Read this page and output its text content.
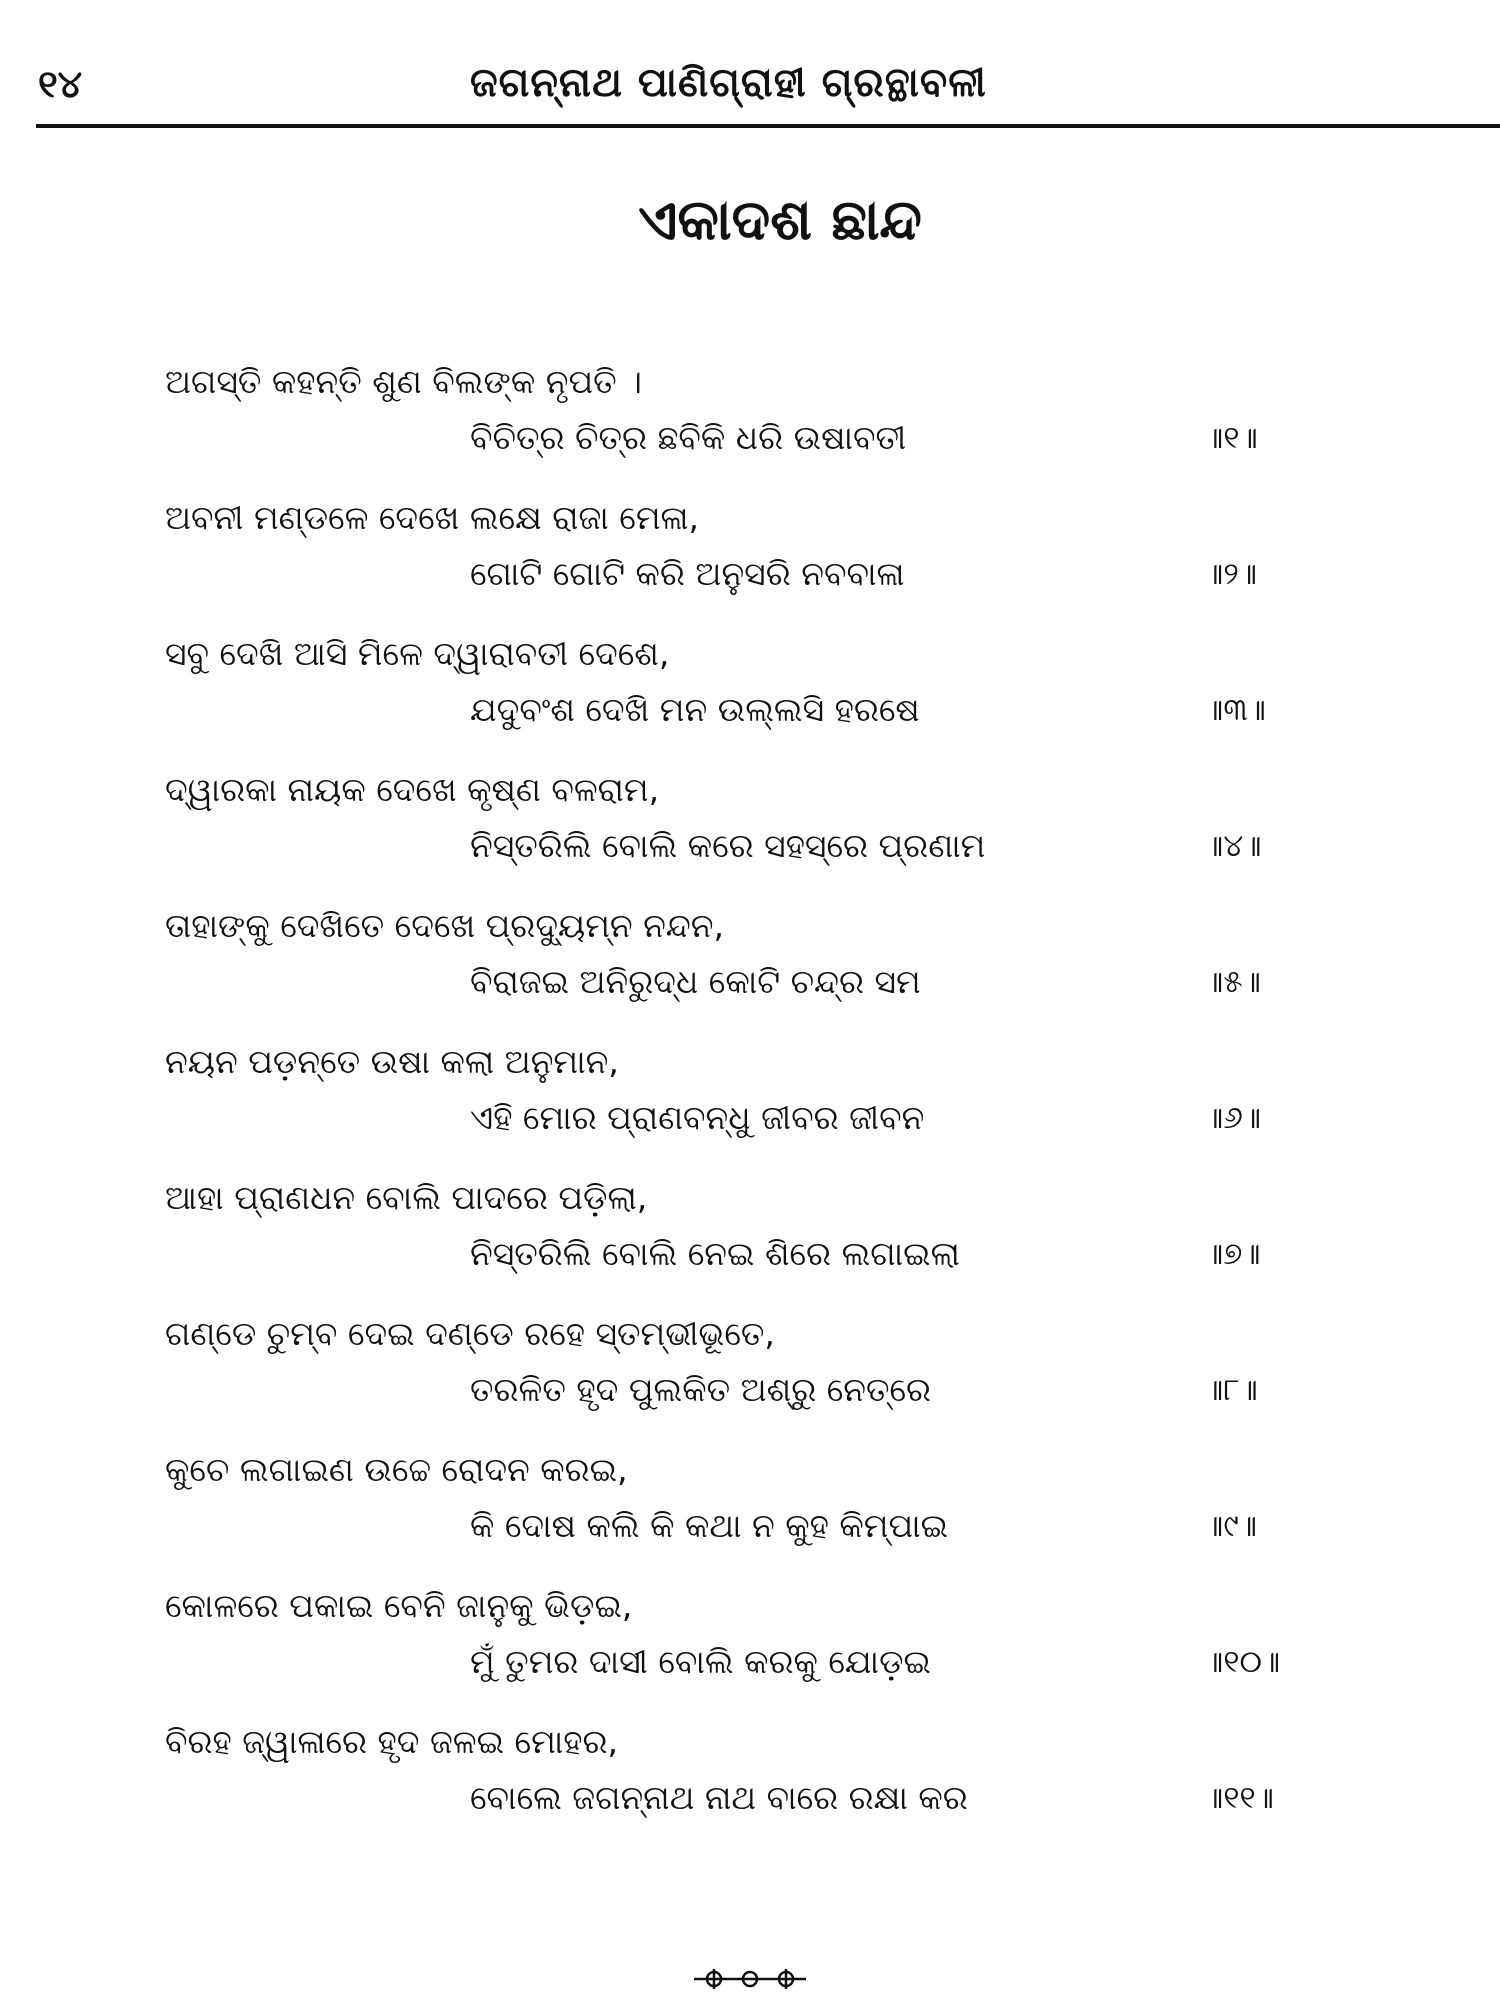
୧୪	ଜଗନ୍ନାଥ ପାଣିଗ୍ରାହୀ ଗ୍ରନ୍ଥାବଳୀ
ଏକାଦଶ ଛାନ୍ଦ
ଅଗସ୍ତି କହନ୍ତି ଶୁଣ ବିଲଙ୍କ ନୃପତି ।
ବିଚିତ୍ର ଚିତ୍ର ଛବିକି ଧରି ଉଷାବତୀ	॥୧॥
ଅବନୀ ମଣ୍ଡଳେ ଦେଖେ ଲକ୍ଷେ ରାଜା ମେଳା,
ଗୋଟି ଗୋଟି କରି ଅନୁସରି ନବବାଳା	॥୨॥
ସବୁ ଦେଖି ଆସି ମିଳେ ଦ୍ୱାରାବତୀ ଦେଶେ,
ଯଦୁବଂଶ ଦେଖି ମନ ଉଲ୍ଲସି ହରଷେ	॥୩॥
ଦ୍ୱାରକା ନାୟକ ଦେଖେ କୃଷ୍ଣ ବଳରାମ,
ନିସ୍ତରିଲି ବୋଲି କରେ ସହସ୍ରେ ପ୍ରଣାମ	॥୪॥
ତାହାଙ୍କୁ ଦେଖିତେ ଦେଖେ ପ୍ରଦ୍ୟୁମ୍ନ ନନ୍ଦନ,
ବିରାଜଇ ଅନିରୁଦ୍ଧ କୋଟି ଚନ୍ଦ୍ର ସମ	॥୫॥
ନୟନ ପଡ଼ନ୍ତେ ଉଷା କଲା ଅନୁମାନ,
ଏହି ମୋର ପ୍ରାଣବନ୍ଧୁ ଜୀବର ଜୀବନ	॥୬॥
ଆହା ପ୍ରାଣଧନ ବୋଲି ପାଦରେ ପଡ଼ିଲା,
ନିସ୍ତରିଲି ବୋଲି ନେଇ ଶିରେ ଲଗାଇଲା	॥୭॥
ଗଣ୍ଡେ ଚୁମ୍ବ ଦେଇ ଦଣ୍ଡେ ରହେ ସ୍ତମ୍ଭୀଭୂତେ,
ତରଳିତ ହୃଦ ପୁଲକିତ ଅଶ୍ରୁ ନେତ୍ରେ	॥୮॥
କୁଚେ ଲଗାଇଣ ଉଚ୍ଚେ ରୋଦନ କରଇ,
କି ଦୋଷ କଲି କି କଥା ନ କୁହ କିମ୍ପାଇ	॥୯॥
କୋଳରେ ପକାଇ ବେନି ଜାନୁକୁ ଭିଡ଼ଇ,
ମୁଁ ତୁମର ଦାସୀ ବୋଲି କରକୁ ଯୋଡ଼ଇ	॥୧୦॥
ବିରହ ଜ୍ୱାଳାରେ ହୃଦ ଜଳଇ ମୋହର,
ବୋଲେ ଜଗନ୍ନାଥ ନାଥ ବାରେ ରକ୍ଷା କର	॥୧୧॥
